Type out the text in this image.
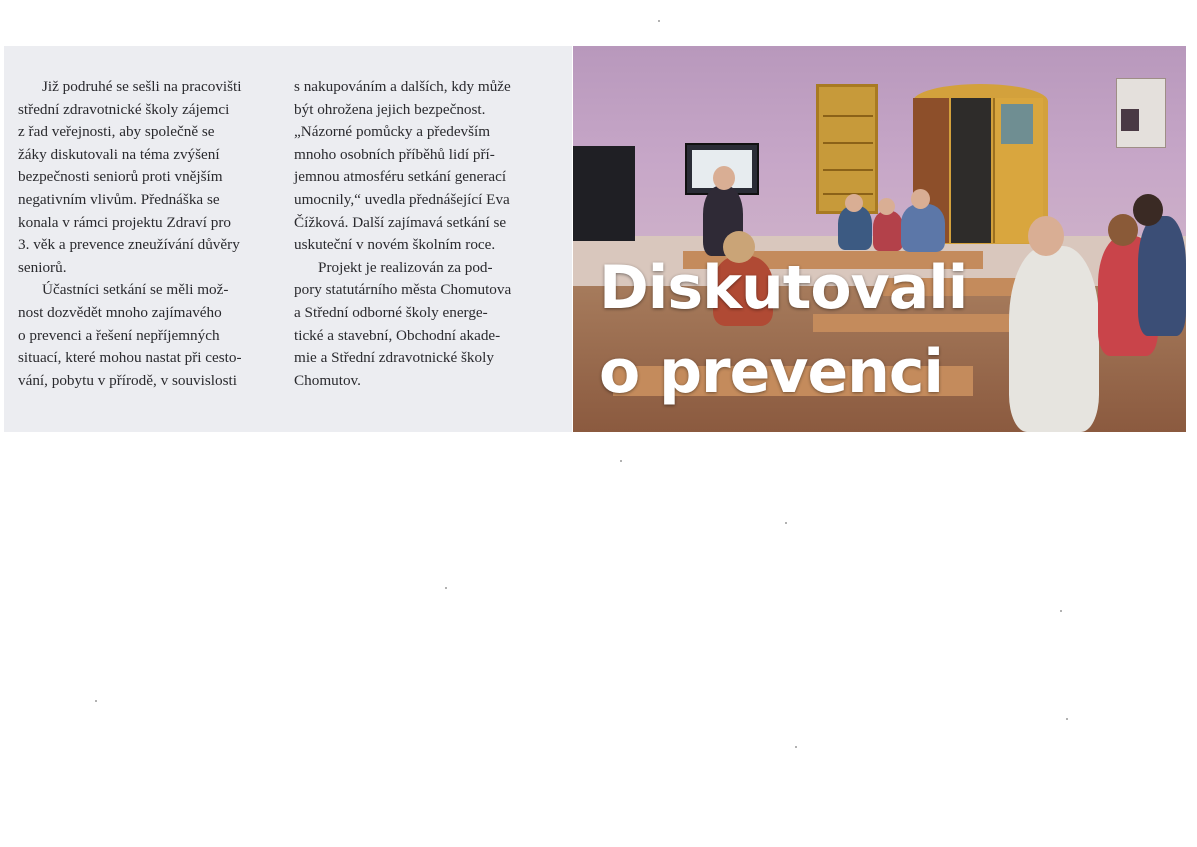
Již podruhé se sešli na pracovišti
střední zdravotnické školy zájemci
z řad veřejnosti, aby společně se
žáky diskutovali na téma zvýšení
bezpečnosti seniorů proti vnějším
negativním vlivům. Přednáška se
konala v rámci projektu Zdraví pro
3. věk a prevence zneužívání důvěry
seniorů.

Účastníci setkání se měli mož-
nost dozvědět mnoho zajímavého
o prevenci a řešení nepříjemných
situací, které mohou nastat při cesto-
vání, pobytu v přírodě, v souvislosti

s nakupováním a dalších, kdy může
být ohrožena jejich bezpečnost.
„Názorné pomůcky a především
mnoho osobních příběhů lidí pří-
jemnou atmosféru setkání generací
umocnily,“ uvedla přednášející Eva
Čížková. Další zajímavá setkání se
uskuteční v novém školním roce.

Projekt je realizován za pod-
pory statutárního města Chomutova
a Střední odborné školy energe-
tické a stavební, Obchodní akade-
mie a Střední zdravotnické školy
Chomutov.

Diskutovali
o prevenci
